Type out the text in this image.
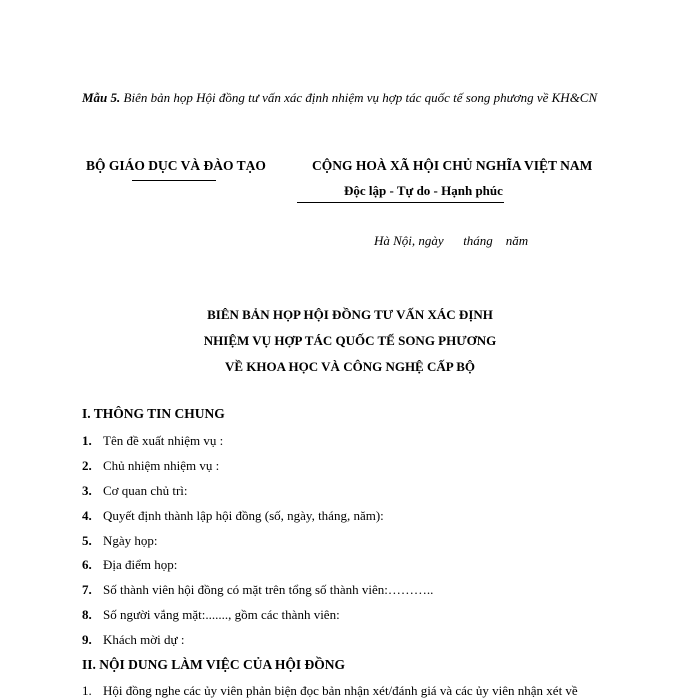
Mẫu 5. Biên bản họp Hội đồng tư vấn xác định nhiệm vụ hợp tác quốc tế song phương về KH&CN
BỘ GIÁO DỤC VÀ ĐÀO TẠO	CỘNG HOÀ XÃ HỘI CHỦ NGHĨA VIỆT NAM
Độc lập - Tự do - Hạnh phúc
Hà Nội, ngày      tháng    năm
BIÊN BẢN HỌP HỘI ĐỒNG TƯ VẤN XÁC ĐỊNH
NHIỆM VỤ HỢP TÁC QUỐC TẾ SONG PHƯƠNG
VỀ KHOA HỌC VÀ CÔNG NGHỆ CẤP BỘ
I. THÔNG TIN CHUNG
1. Tên đề xuất nhiệm vụ :
2. Chủ nhiệm nhiệm vụ :
3. Cơ quan chủ trì:
4. Quyết định thành lập hội đồng (số, ngày, tháng, năm):
5. Ngày họp:
6. Địa điểm họp:
7. Số thành viên hội đồng có mặt trên tổng số thành viên:………..
8. Số người vắng mặt:......., gồm các thành viên:
9. Khách mời dự :
II. NỘI DUNG LÀM VIỆC CỦA HỘI ĐỒNG
1. Hội đồng nghe các ủy viên phản biện đọc bản nhận xét/đánh giá và các ủy viên nhận xét về
